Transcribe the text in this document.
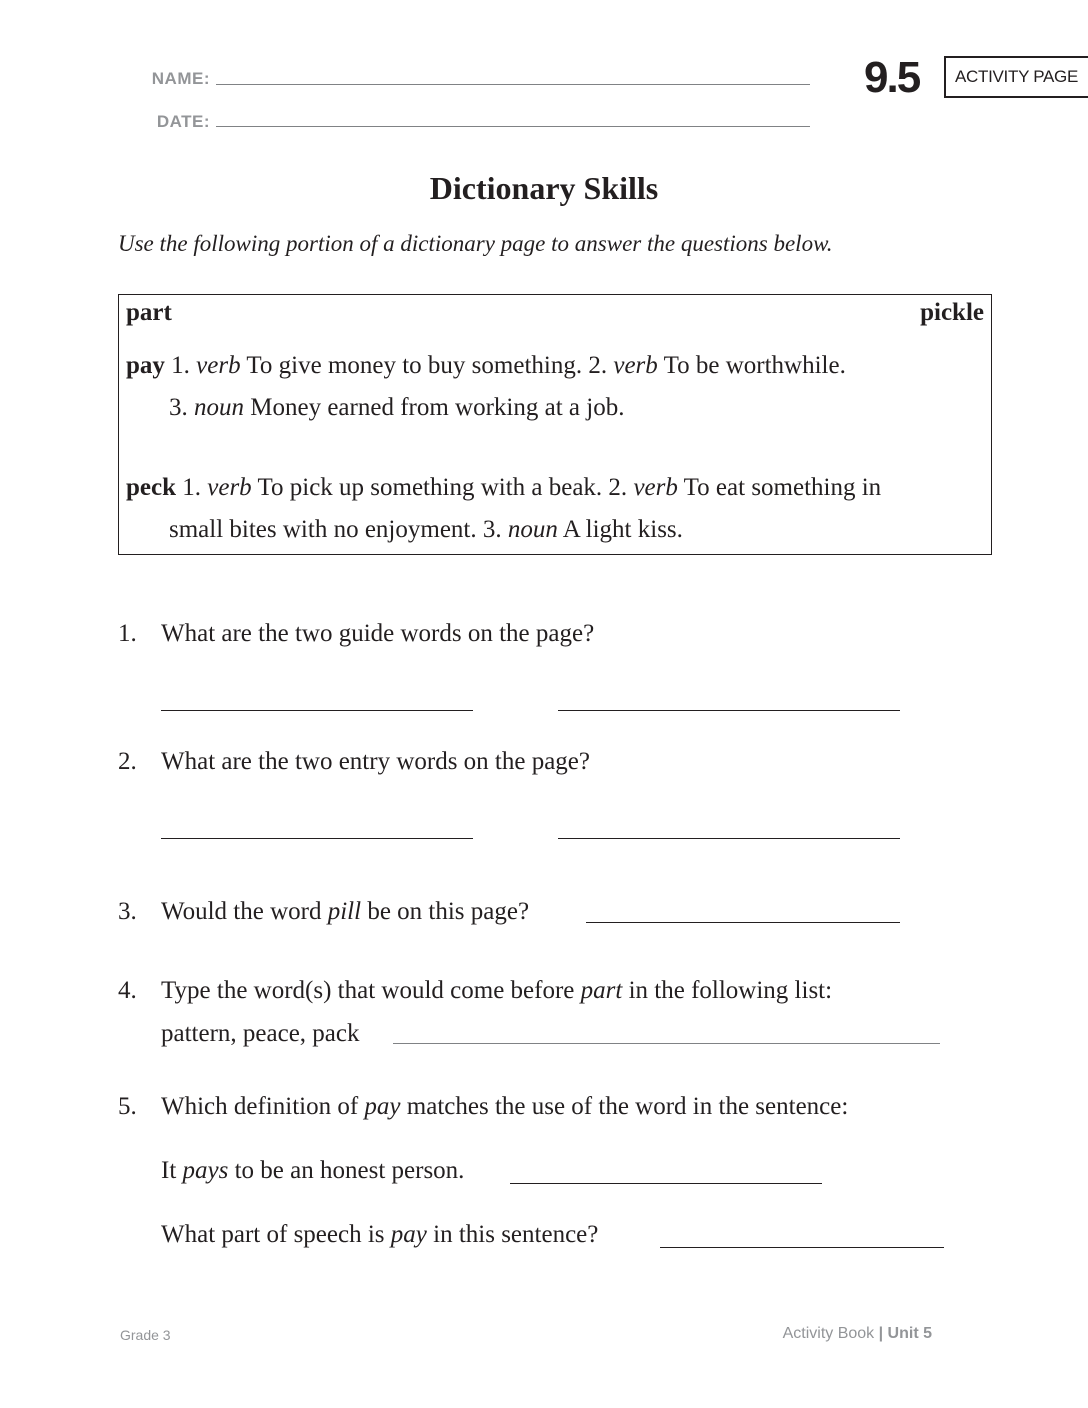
NAME:
DATE:
9.5 ACTIVITY PAGE
Dictionary Skills
Use the following portion of a dictionary page to answer the questions below.
part	pickle
pay 1. verb To give money to buy something. 2. verb To be worthwhile.
3. noun Money earned from working at a job.
peck 1. verb To pick up something with a beak. 2. verb To eat something in
small bites with no enjoyment. 3. noun A light kiss.
1. What are the two guide words on the page?
2. What are the two entry words on the page?
3. Would the word pill be on this page?
4. Type the word(s) that would come before part in the following list:
pattern, peace, pack
5. Which definition of pay matches the use of the word in the sentence:
It pays to be an honest person.
What part of speech is pay in this sentence?
Grade 3	Activity Book | Unit 5
